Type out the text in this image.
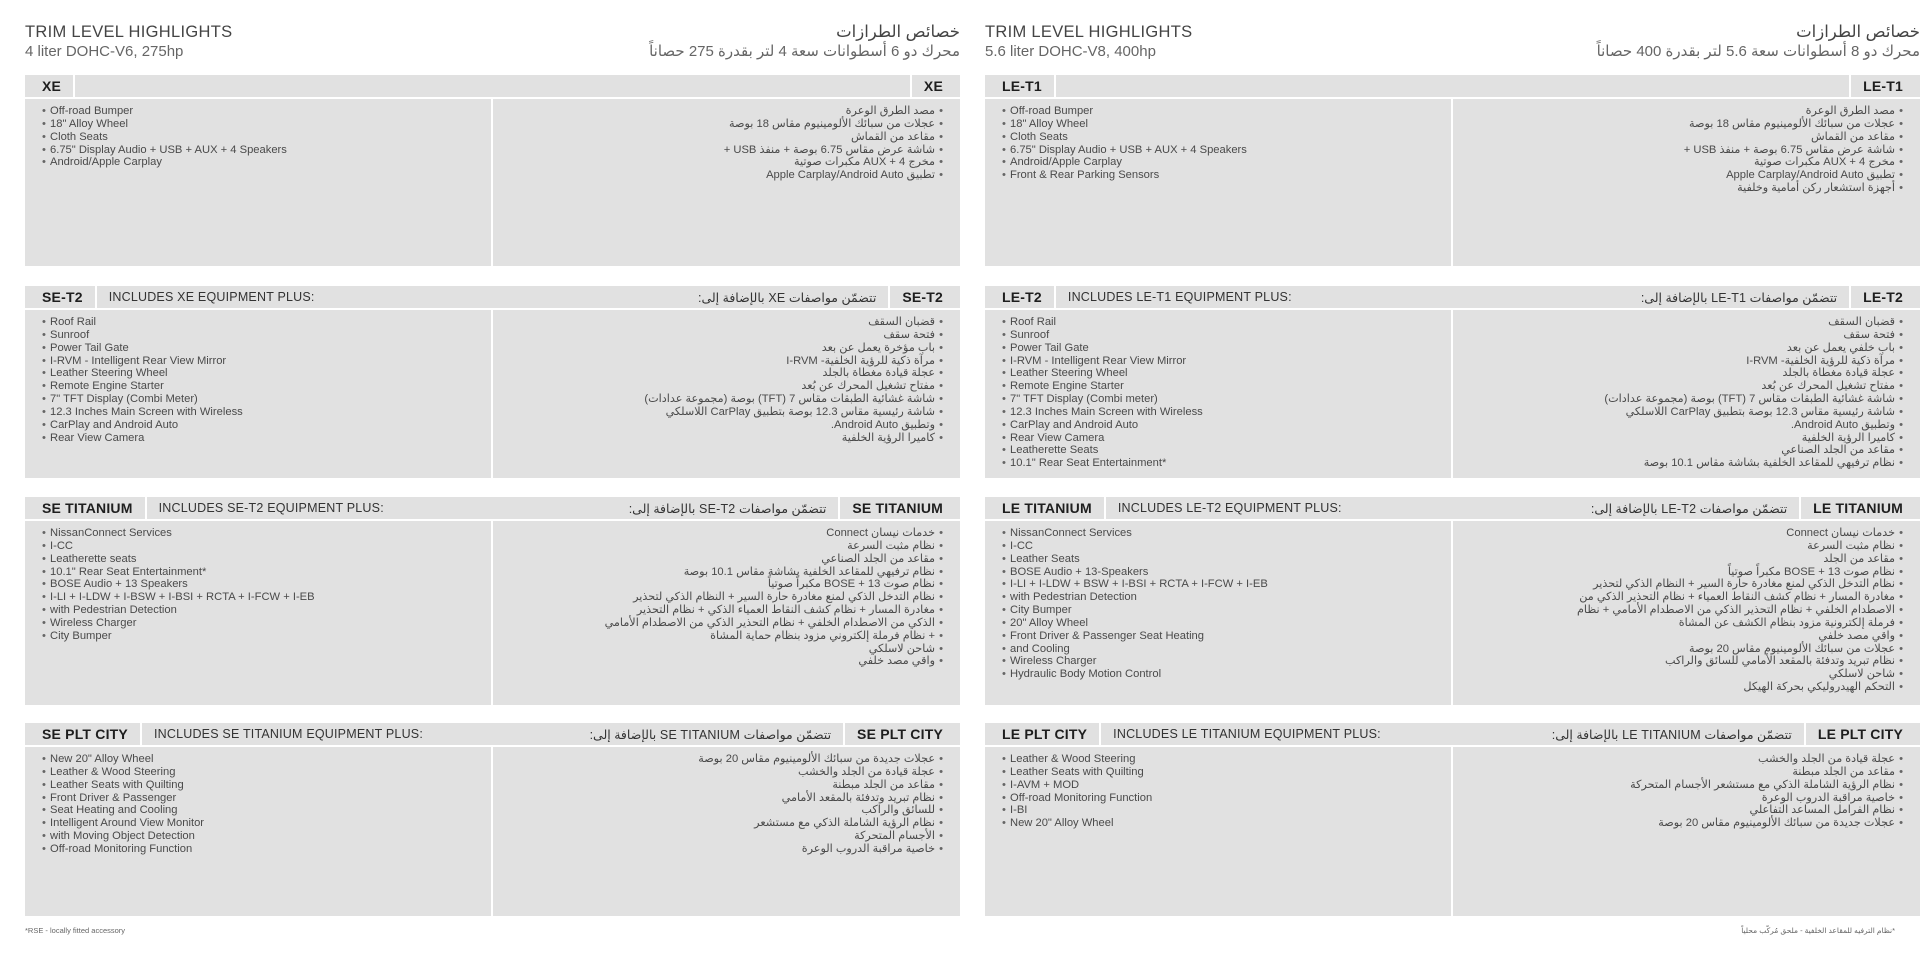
TRIM LEVEL HIGHLIGHTS
4 liter DOHC-V6, 275hp
خصائص الطرازات
محرك دو 6 أسطوانات سعة 4 لتر بقدرة 275 حصاناً
XE	XE
• Off-road Bumper
• 18" Alloy Wheel
• Cloth Seats
• 6.75" Display Audio + USB + AUX + 4 Speakers
• Android/Apple Carplay
• مصد الطرق الوعرة
• عجلات من سبائك الألومينيوم مقاس 18 بوصة
• مقاعد من القماش
• شاشة عرض مقاس 6.75 بوصة + منفذ USB +
• مخرج AUX + 4 مكبرات صوتية
• تطبيق Apple Carplay/Android Auto
SE-T2 INCLUDES XE EQUIPMENT PLUS:	SE-T2
تتضمّن مواصفات XE بالإضافة إلى:
• Roof Rail
• Sunroof
• Power Tail Gate
• I-RVM - Intelligent Rear View Mirror
• Leather Steering Wheel
• Remote Engine Starter
• 7" TFT Display (Combi Meter)
• 12.3 Inches Main Screen with Wireless
• CarPlay and Android Auto
• Rear View Camera
• قضبان السقف
• فتحة سقف
• باب مؤخرة يعمل عن بعد
• مرآة ذكية للرؤية الخلفية- I-RVM
• عجلة قيادة مغطاة بالجلد
• مفتاح تشغيل المحرك عن بُعد
• شاشة غشائية الطبقات مقاس 7 (TFT) بوصة (مجموعة عدادات)
• شاشة رئيسية مقاس 12.3 بوصة بتطبيق CarPlay اللاسلكي
• وتطبيق Android Auto.
• كاميرا الرؤية الخلفية
SE TITANIUM INCLUDES SE-T2 EQUIPMENT PLUS:	SE TITANIUM
تتضمّن مواصفات SE-T2 بالإضافة إلى:
• NissanConnect Services
• I-CC
• Leatherette seats
• 10.1" Rear Seat Entertainment*
• BOSE Audio + 13 Speakers
• I-LI + I-LDW + I-BSW + I-BSI + RCTA + I-FCW + I-EB
• with Pedestrian Detection
• Wireless Charger
• City Bumper
• خدمات نيسان Connect
• نظام مثبت السرعة
• مقاعد من الجلد الصناعي
• نظام ترفيهي للمقاعد الخلفية بشاشة مقاس 10.1 بوصة
• نظام صوت BOSE + 13 مكبراً صوتياً
• نظام التدخل الذكي لمنع مغادرة حارة السير + النظام الذكي لتحذير
• مغادرة المسار + نظام كشف النقاط العمياء الذكي + نظام التحذير
• الذكي من الاصطدام الخلفي + نظام التحذير الذكي من الاصطدام الأمامي
• + نظام فرملة إلكتروني مزود بنظام حماية المشاة
• شاحن لاسلكي
• واقي مصد خلفي
SE PLT CITY INCLUDES SE TITANIUM EQUIPMENT PLUS:	SE PLT CITY
تتضمّن مواصفات SE TITANIUM بالإضافة إلى:
• New 20" Alloy Wheel
• Leather & Wood Steering
• Leather Seats with Quilting
• Front Driver & Passenger
• Seat Heating and Cooling
• Intelligent Around View Monitor
• with Moving Object Detection
• Off-road Monitoring Function
• عجلات جديدة من سبائك الألومينيوم مقاس 20 بوصة
• عجلة قيادة من الجلد والخشب
• مقاعد من الجلد مبطنة
• نظام تبريد وتدفئة بالمقعد الأمامي
• للسائق والراكب
• نظام الرؤية الشاملة الذكي مع مستشعر
• الأجسام المتحركة
• خاصية مراقبة الدروب الوعرة
TRIM LEVEL HIGHLIGHTS
5.6 liter DOHC-V8, 400hp
خصائص الطرازات
محرك دو 8 أسطوانات سعة 5.6 لتر بقدرة 400 حصاناً
LE-T1	LE-T1
• Off-road Bumper
• 18" Alloy Wheel
• Cloth Seats
• 6.75" Display Audio + USB + AUX + 4 Speakers
• Android/Apple Carplay
• Front & Rear Parking Sensors
• مصد الطرق الوعرة
• عجلات من سبائك الألومينيوم مقاس 18 بوصة
• مقاعد من القماش
• شاشة عرض مقاس 6.75 بوصة + منفذ USB +
• مخرج AUX + 4 مكبرات صوتية
• تطبيق Apple Carplay/Android Auto
• أجهزة استشعار ركن أمامية وخلفية
LE-T2 INCLUDES LE-T1 EQUIPMENT PLUS:	LE-T2
تتضمّن مواصفات LE-T1 بالإضافة إلى:
• Roof Rail
• Sunroof
• Power Tail Gate
• I-RVM - Intelligent Rear View Mirror
• Leather Steering Wheel
• Remote Engine Starter
• 7" TFT Display (Combi meter)
• 12.3 Inches Main Screen with Wireless
• CarPlay and Android Auto
• Rear View Camera
• Leatherette Seats
• 10.1" Rear Seat Entertainment*
• قضبان السقف
• فتحة سقف
• باب خلفي يعمل عن بعد
• مرآة ذكية للرؤية الخلفية- I-RVM
• عجلة قيادة مغطاة بالجلد
• مفتاح تشغيل المحرك عن بُعد
• شاشة غشائية الطبقات مقاس 7 (TFT) بوصة (مجموعة عدادات)
• شاشة رئيسية مقاس 12.3 بوصة بتطبيق CarPlay اللاسلكي
• وتطبيق Android Auto.
• كاميرا الرؤية الخلفية
• مقاعد من الجلد الصناعي
• نظام ترفيهي للمقاعد الخلفية بشاشة مقاس 10.1 بوصة
LE TITANIUM INCLUDES LE-T2 EQUIPMENT PLUS:	LE TITANIUM
تتضمّن مواصفات LE-T2 بالإضافة إلى:
• NissanConnect Services
• I-CC
• Leather Seats
• BOSE Audio + 13-Speakers
• I-LI + I-LDW + BSW + I-BSI + RCTA + I-FCW + I-EB
• with Pedestrian Detection
• City Bumper
• 20" Alloy Wheel
• Front Driver & Passenger Seat Heating
• and Cooling
• Wireless Charger
• Hydraulic Body Motion Control
• خدمات نيسان Connect
• نظام مثبت السرعة
• مقاعد من الجلد
• نظام صوت BOSE + 13 مكبراً صوتياً
• نظام التدخل الذكي لمنع مغادرة حارة السير + النظام الذكي لتحذير
• مغادرة المسار + نظام كشف النقاط العمياء + نظام التحذير الذكي من
• الاصطدام الخلفي + نظام التحذير الذكي من الاصطدام الأمامي + نظام
• فرملة إلكترونية مزود بنظام الكشف عن المشاة
• واقي مصد خلفي
• عجلات من سبائك الألومينيوم مقاس 20 بوصة
• نظام تبريد وتدفئة بالمقعد الأمامي للسائق والراكب
• شاحن لاسلكي
• التحكم الهيدروليكي بحركة الهيكل
LE PLT CITY INCLUDES LE TITANIUM EQUIPMENT PLUS:	LE PLT CITY
تتضمّن مواصفات LE TITANIUM بالإضافة إلى:
• Leather & Wood Steering
• Leather Seats with Quilting
• I-AVM + MOD
• Off-road Monitoring Function
• I-BI
• New 20" Alloy Wheel
• عجلة قيادة من الجلد والخشب
• مقاعد من الجلد مبطنة
• نظام الرؤية الشاملة الذكي مع مستشعر الأجسام المتحركة
• خاصية مراقبة الدروب الوعرة
• نظام الفرامل المساعد التفاعلي
• عجلات جديدة من سبائك الألومينيوم مقاس 20 بوصة
*RSE - locally fitted accessory	*نظام الترفيه للمقاعد الخلفية - ملحق مُركّب محلياً
